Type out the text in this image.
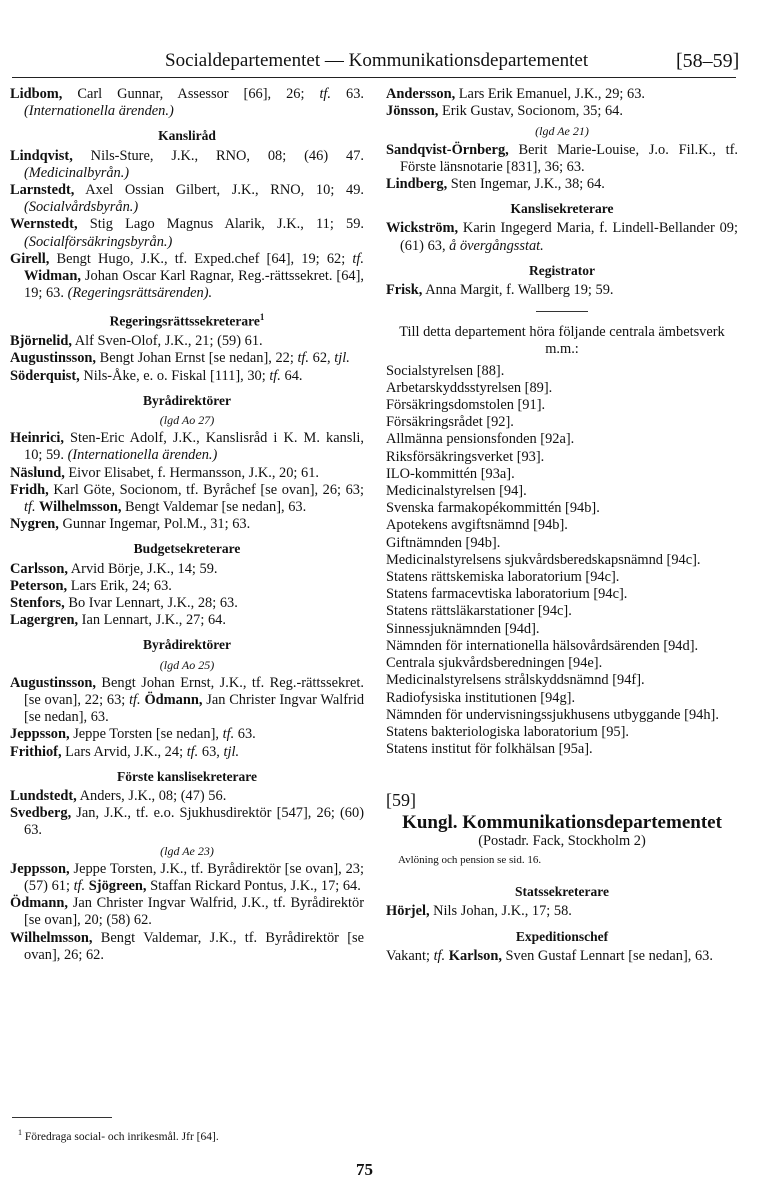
Socialdepartementet — Kommunikationsdepartementet	[58–59]

Lidbom, Carl Gunnar, Assessor [66], 26; tf. 63. (Internationella ärenden.)

Kansliråd

Lindqvist, Nils-Sture, J.K., RNO, 08; (46) 47. (Medicinalbyrån.)

Larnstedt, Axel Ossian Gilbert, J.K., RNO, 10; 49. (Socialvårdsbyrån.)

Wernstedt, Stig Lago Magnus Alarik, J.K., 11; 59. (Socialförsäkringsbyrån.)

Girell, Bengt Hugo, J.K., tf. Exped.chef [64], 19; 62; tf. Widman, Johan Oscar Karl Ragnar, Reg.-rättssekret. [64], 19; 63. (Regeringsrättsärenden).

Regeringsrättssekreterare$^1$

Björnelid, Alf Sven-Olof, J.K., 21; (59) 61.

Augustinsson, Bengt Johan Ernst [se nedan], 22; tf. 62, tjl.

Söderquist, Nils-Åke, e. o. Fiskal [111], 30; tf. 64.

Byrådirektörer
(lgd Ao 27)

Heinrici, Sten-Eric Adolf, J.K., Kanslisråd i K. M. kansli, 10; 59. (Internationella ärenden.)

Näslund, Eivor Elisabet, f. Hermansson, J.K., 20; 61.

Fridh, Karl Göte, Socionom, tf. Byråchef [se ovan], 26; 63; tf. Wilhelmsson, Bengt Valdemar [se nedan], 63.

Nygren, Gunnar Ingemar, Pol.M., 31; 63.

Budgetsekreterare

Carlsson, Arvid Börje, J.K., 14; 59.

Peterson, Lars Erik, 24; 63.

Stenfors, Bo Ivar Lennart, J.K., 28; 63.

Lagergren, Ian Lennart, J.K., 27; 64.

Byrådirektörer
(lgd Ao 25)

Augustinsson, Bengt Johan Ernst, J.K., tf. Reg.-rättssekret. [se ovan], 22; 63; tf. Ödmann, Jan Christer Ingvar Walfrid [se nedan], 63.

Jeppsson, Jeppe Torsten [se nedan], tf. 63.

Frithiof, Lars Arvid, J.K., 24; tf. 63, tjl.

Förste kanslisekreterare

Lundstedt, Anders, J.K., 08; (47) 56.

Svedberg, Jan, J.K., tf. e.o. Sjukhusdirektör [547], 26; (60) 63.

(lgd Ae 23)

Jeppsson, Jeppe Torsten, J.K., tf. Byrådirektör [se ovan], 23; (57) 61; tf. Sjögreen, Staffan Rickard Pontus, J.K., 17; 64.

Ödmann, Jan Christer Ingvar Walfrid, J.K., tf. Byrådirektör [se ovan], 20; (58) 62.

Wilhelmsson, Bengt Valdemar, J.K., tf. Byrådirektör [se ovan], 26; 62.

Andersson, Lars Erik Emanuel, J.K., 29; 63.

Jönsson, Erik Gustav, Socionom, 35; 64.

(lgd Ae 21)

Sandqvist-Örnberg, Berit Marie-Louise, J.o. Fil.K., tf. Förste länsnotarie [831], 36; 63.

Lindberg, Sten Ingemar, J.K., 38; 64.

Kanslisekreterare

Wickström, Karin Ingegerd Maria, f. Lindell-Bellander 09; (61) 63, å övergångsstat.

Registrator

Frisk, Anna Margit, f. Wallberg 19; 59.

Till detta departement höra följande centrala ämbetsverk m.m.:

Socialstyrelsen [88].

Arbetarskyddsstyrelsen [89].

Försäkringsdomstolen [91].

Försäkringsrådet [92].

Allmänna pensionsfonden [92a].

Riksförsäkringsverket [93].

ILO-kommittén [93a].

Medicinalstyrelsen [94].

Svenska farmakopékommittén [94b].

Apotekens avgiftsnämnd [94b].

Giftnämnden [94b].

Medicinalstyrelsens sjukvårdsberedskapsnämnd [94c].

Statens rättskemiska laboratorium [94c].

Statens farmacevtiska laboratorium [94c].

Statens rättsläkarstationer [94c].

Sinnessjuknämnden [94d].

Nämnden för internationella hälsovårdsärenden [94d].

Centrala sjukvårdsberedningen [94e].

Medicinalstyrelsens strålskyddsnämnd [94f].

Radiofysiska institutionen [94g].

Nämnden för undervisningssjukhusens utbyggande [94h].

Statens bakteriologiska laboratorium [95].

Statens institut för folkhälsan [95a].

[59]
Kungl. Kommunikationsdepartementet
(Postadr. Fack, Stockholm 2)
Avlöning och pension se sid. 16.
Statssekreterare

Hörjel, Nils Johan, J.K., 17; 58.

Expeditionschef

Vakant; tf. Karlson, Sven Gustaf Lennart [se nedan], 63.

$^1$ Föredraga social- och inrikesmål. Jfr [64].
75
